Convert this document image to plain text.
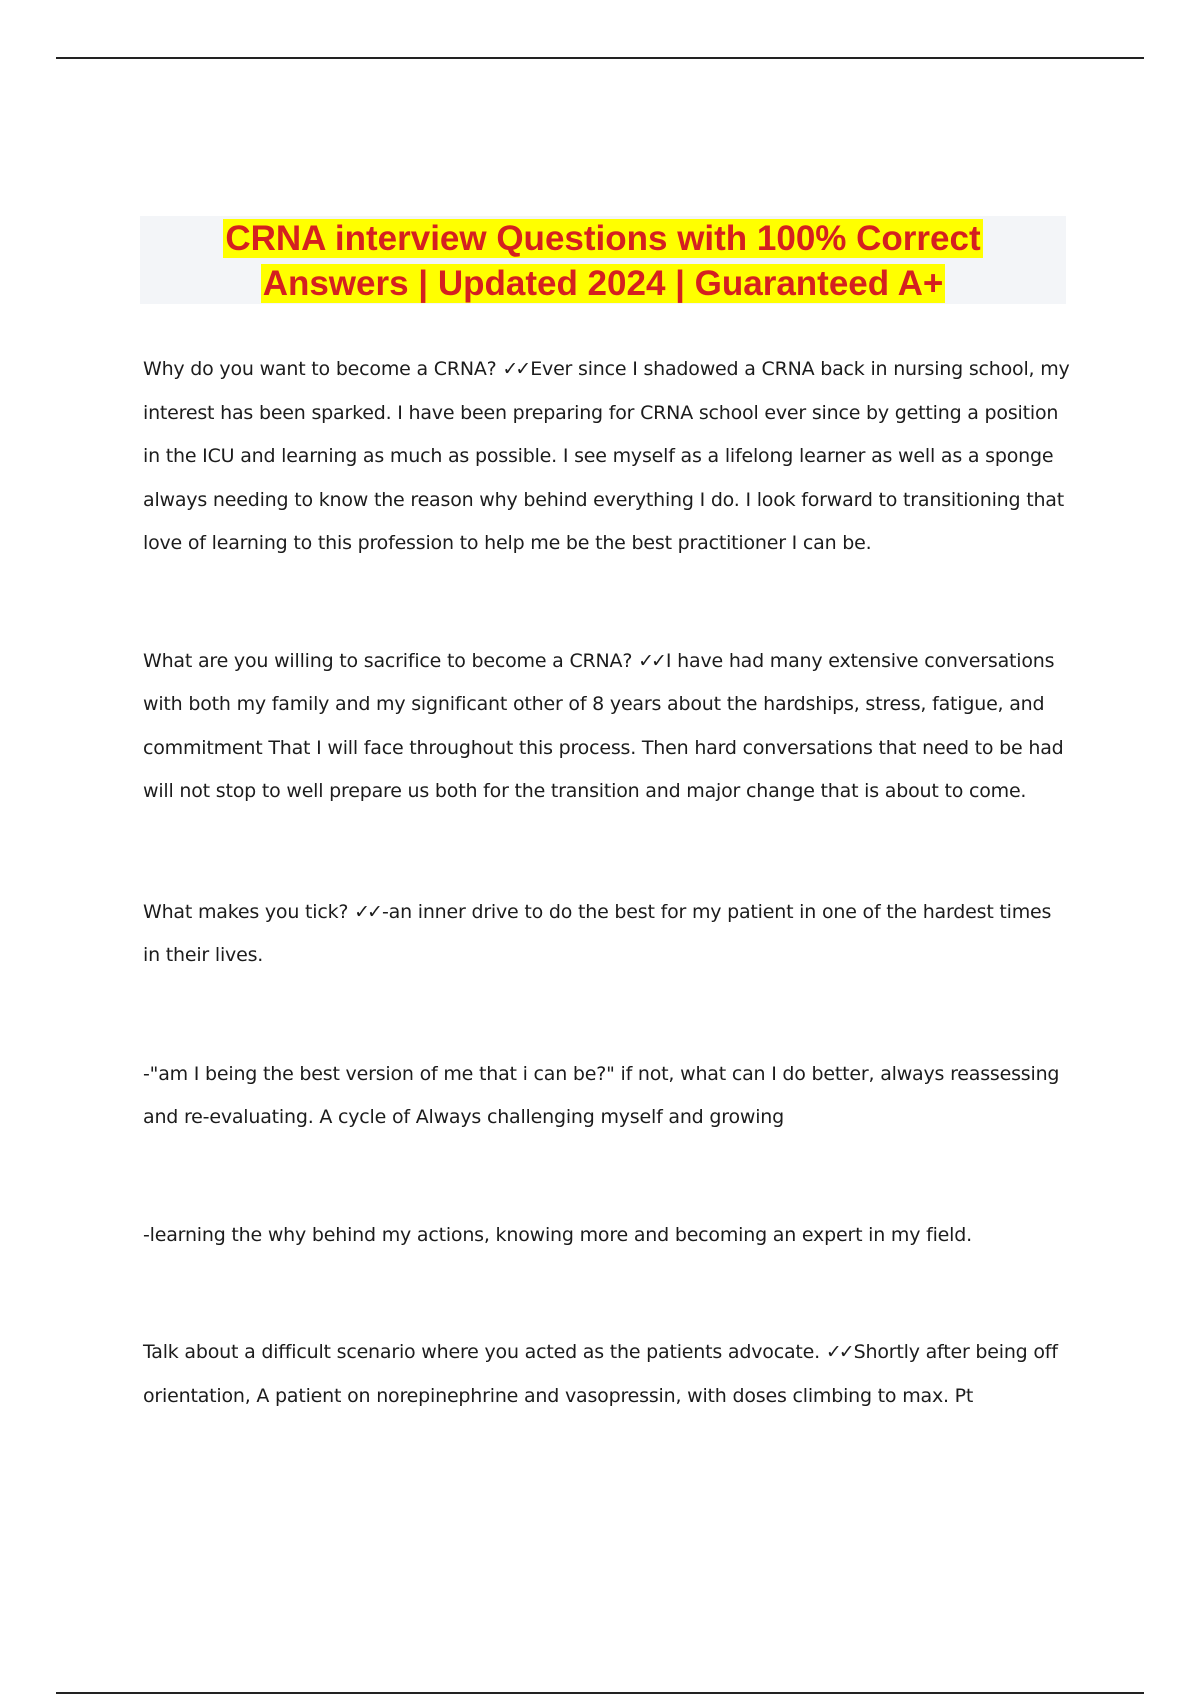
CRNA interview Questions with 100% Correct
Answers | Updated 2024 | Guaranteed A+

Why do you want to become a CRNA? ✓✓ Ever since I shadowed a CRNA back in nursing school, my interest has been sparked. I have been preparing for CRNA school ever since by getting a position in the ICU and learning as much as possible. I see myself as a lifelong learner as well as a sponge always needing to know the reason why behind everything I do. I look forward to transitioning that love of learning to this profession to help me be the best practitioner I can be.

What are you willing to sacrifice to become a CRNA? ✓✓ I have had many extensive conversations with both my family and my significant other of 8 years about the hardships, stress, fatigue, and commitment That I will face throughout this process. Then hard conversations that need to be had will not stop to well prepare us both for the transition and major change that is about to come.

What makes you tick? ✓✓ -an inner drive to do the best for my patient in one of the hardest times in their lives.

-"am I being the best version of me that i can be?" if not, what can I do better, always reassessing and re-evaluating. A cycle of Always challenging myself and growing

-learning the why behind my actions, knowing more and becoming an expert in my field.

Talk about a difficult scenario where you acted as the patients advocate. ✓✓ Shortly after being off orientation, A patient on norepinephrine and vasopressin, with doses climbing to max. Pt
